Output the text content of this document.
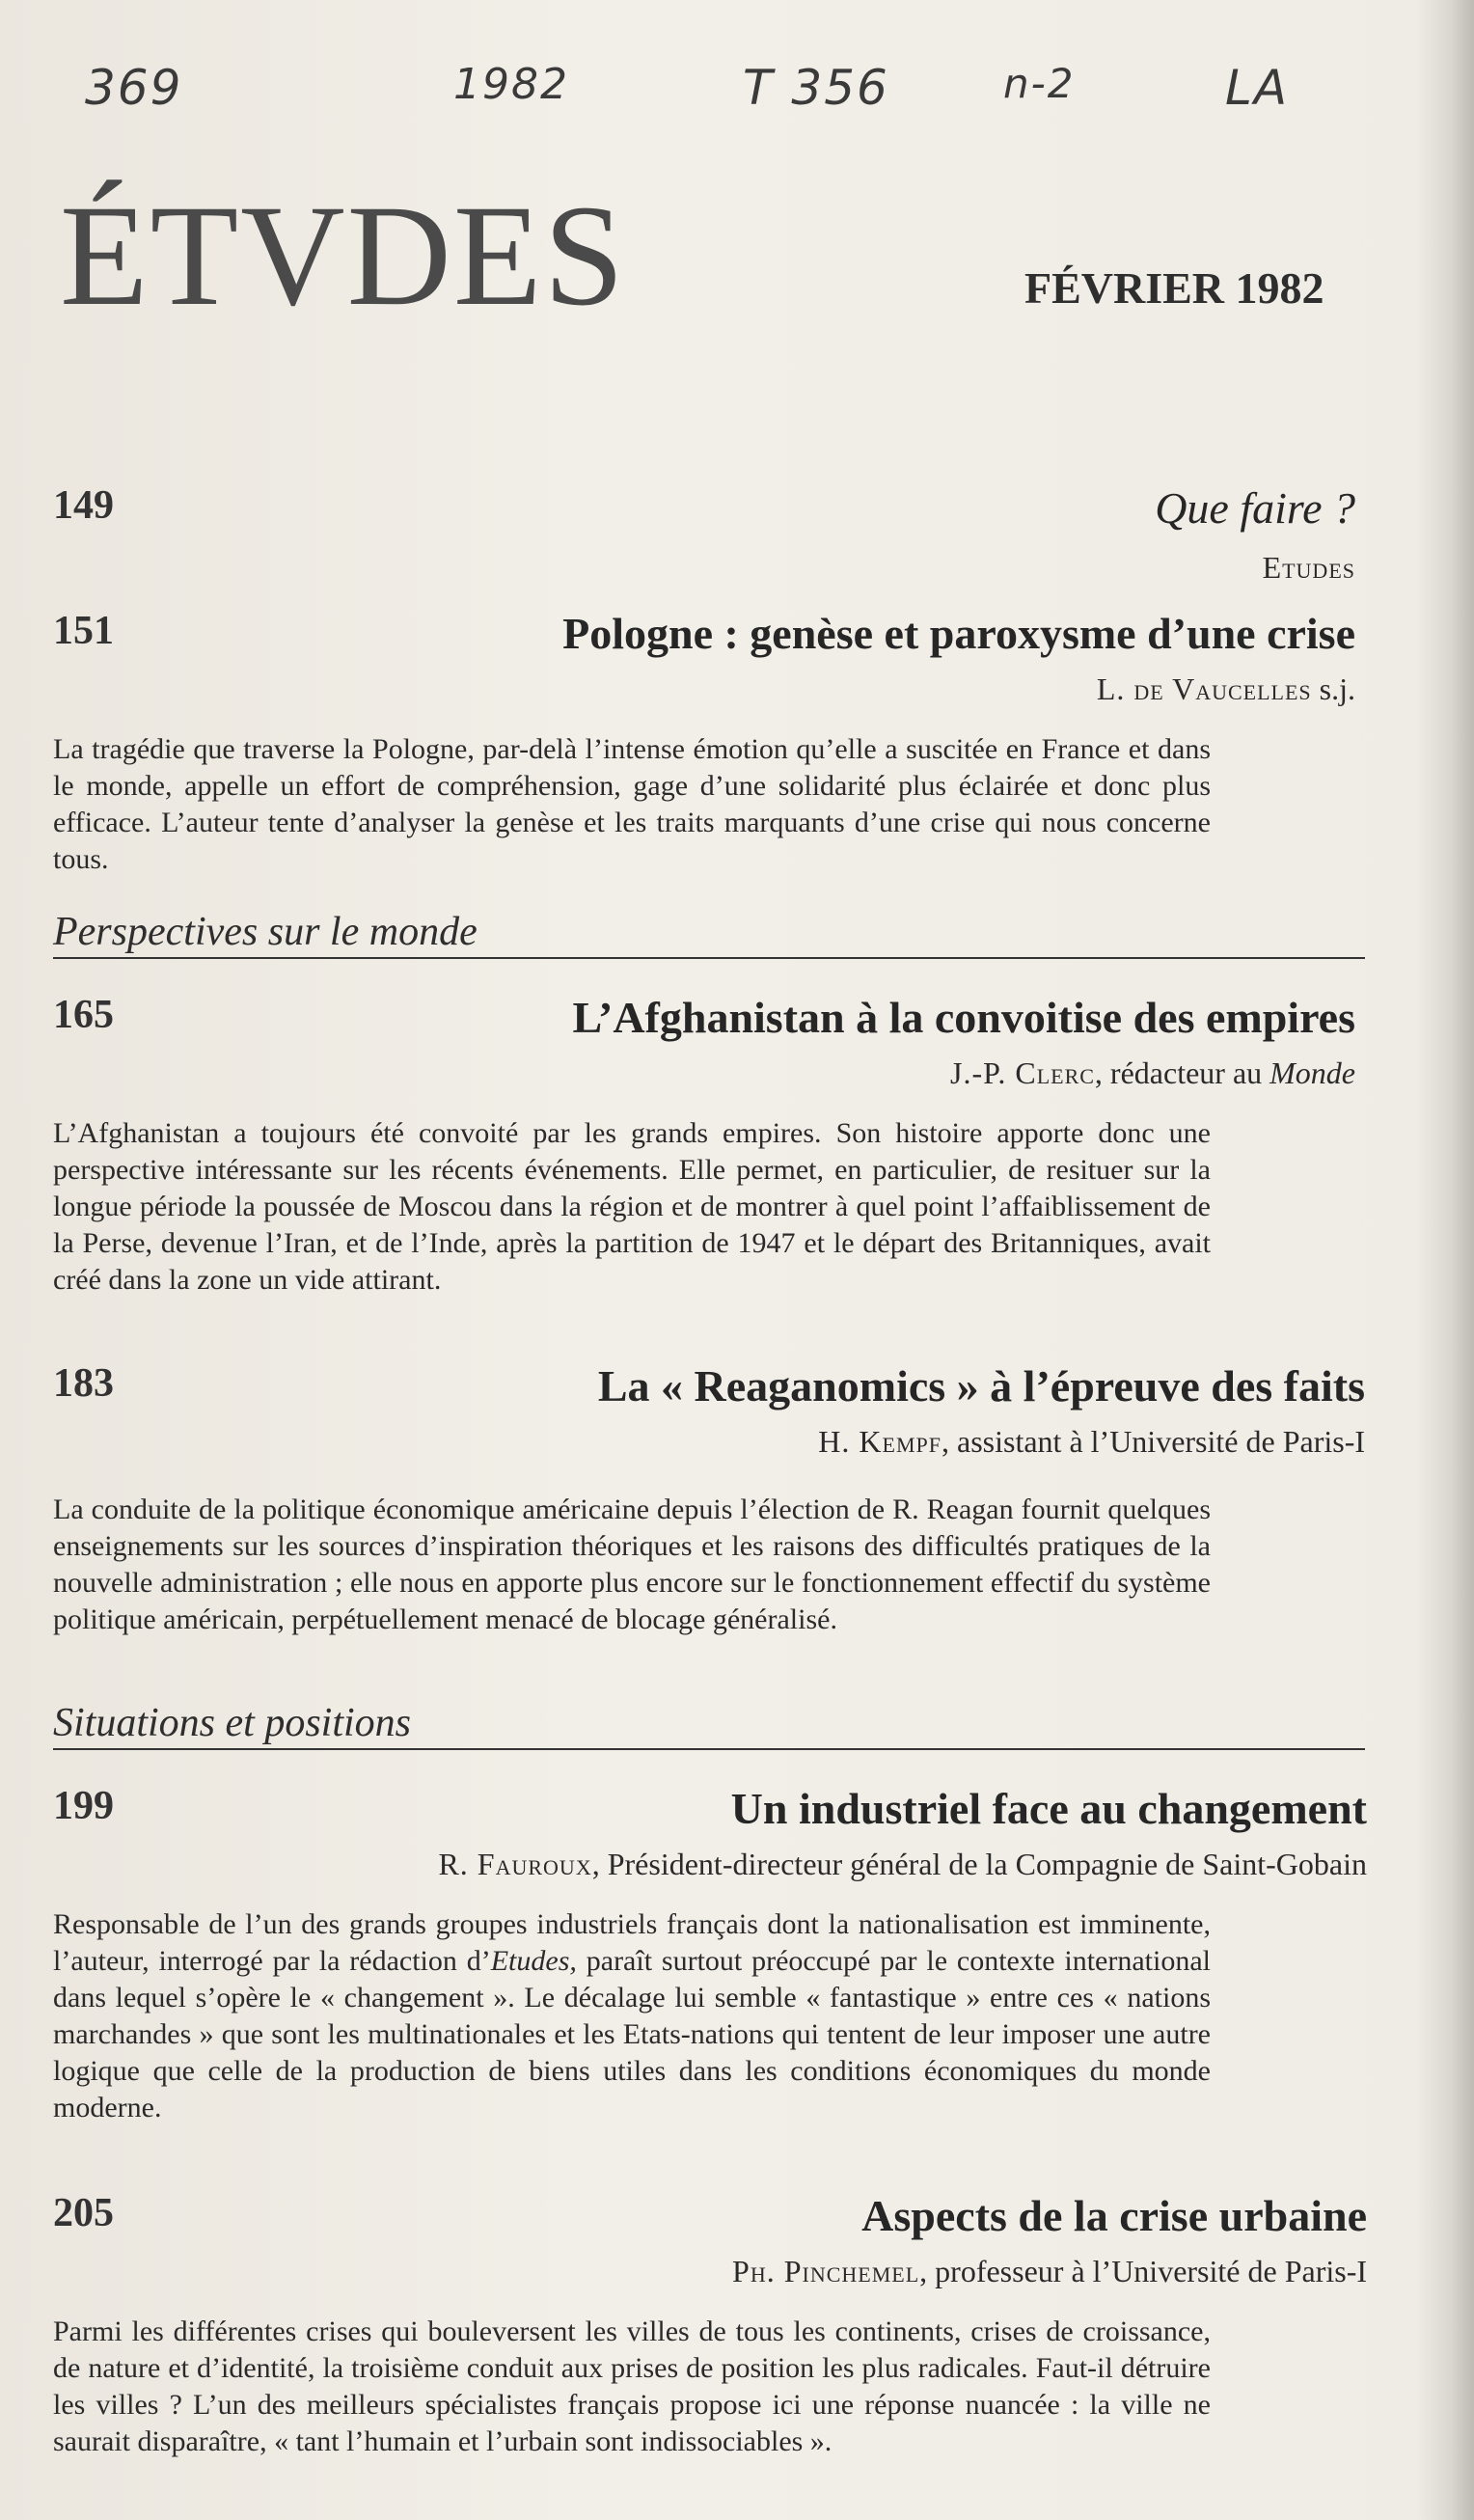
369	1982	T 356	n-2	LA
ÉTVDES	FÉVRIER 1982
149	Que faire ?
Etudes
151	Pologne : genèse et paroxysme d’une crise
L. de Vaucelles s.j.
La tragédie que traverse la Pologne, par-delà l’intense émotion qu’elle a suscitée en France et dans le monde, appelle un effort de compréhension, gage d’une solidarité plus éclairée et donc plus efficace. L’auteur tente d’analyser la genèse et les traits marquants d’une crise qui nous concerne tous.
Perspectives sur le monde
165	L’Afghanistan à la convoitise des empires
J.-P. Clerc, rédacteur au Monde
L’Afghanistan a toujours été convoité par les grands empires. Son histoire apporte donc une perspective intéressante sur les récents événements. Elle permet, en particulier, de resituer sur la longue période la poussée de Moscou dans la région et de montrer à quel point l’affaiblissement de la Perse, devenue l’Iran, et de l’Inde, après la partition de 1947 et le départ des Britanniques, avait créé dans la zone un vide attirant.
183	La « Reaganomics » à l’épreuve des faits
H. Kempf, assistant à l’Université de Paris-I
La conduite de la politique économique américaine depuis l’élection de R. Reagan fournit quelques enseignements sur les sources d’inspiration théoriques et les raisons des difficultés pratiques de la nouvelle administration ; elle nous en apporte plus encore sur le fonctionnement effectif du système politique américain, perpétuellement menacé de blocage généralisé.
Situations et positions
199	Un industriel face au changement
R. Fauroux, Président-directeur général de la Compagnie de Saint-Gobain
Responsable de l’un des grands groupes industriels français dont la nationalisation est imminente, l’auteur, interrogé par la rédaction d’Etudes, paraît surtout préoccupé par le contexte international dans lequel s’opère le « changement ». Le décalage lui semble « fantastique » entre ces « nations marchandes » que sont les multinationales et les Etats-nations qui tentent de leur imposer une autre logique que celle de la production de biens utiles dans les conditions économiques du monde moderne.
205	Aspects de la crise urbaine
Ph. Pinchemel, professeur à l’Université de Paris-I
Parmi les différentes crises qui bouleversent les villes de tous les continents, crises de croissance, de nature et d’identité, la troisième conduit aux prises de position les plus radicales. Faut-il détruire les villes ? L’un des meilleurs spécialistes français propose ici une réponse nuancée : la ville ne saurait disparaître, « tant l’humain et l’urbain sont indissociables ».
